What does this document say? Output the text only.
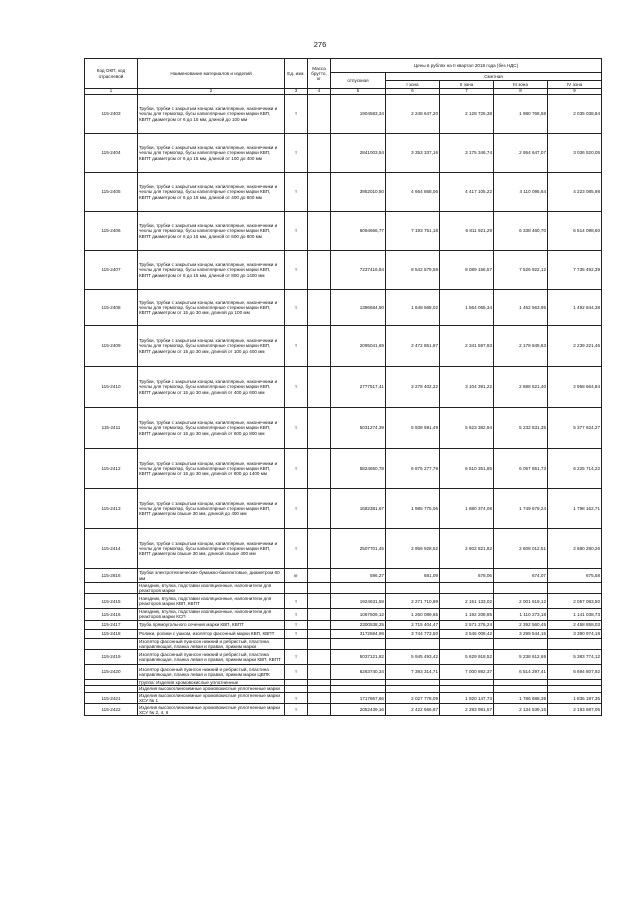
276
Код ОКП, код отраслевой	Наименование материалов и изделий	Ед. изм.	Масса брутто, кг	Цены в рублях на II квартал 2018 года (без НДС)				
				отпускная	Сметная			
					I зона	II зона	III зона	IV зона
1	2	3	4	5	6	7	8	9
115-2403	Трубки, трубки с закрытым концом, капиллярные, наконечники и чехлы для термопар, бусы капиллярные стержни марки КВП, КВПТ диаметром от 6 до 15 мм, длиной до 100 мм	т		1904583,34	2 248 647,20	2 128 725,38	1 980 768,58	2 035 038,84
115-2404	Трубки, трубки с закрытым концом, капиллярные, наконечники и чехлы для термопар, бусы капиллярные стержни марки КВП, КВПТ диаметром от 6 до 15 мм, длиной от 100 до 400 мм	т		2841003,54	3 353 337,16	3 175 346,74	2 954 647,07	3 036 520,05
115-2405	Трубки, трубки с закрытым концом, капиллярные, наконечники и чехлы для термопар, бусы капиллярные стержни марки КВП, КВПТ диаметром от 6 до 15 мм, длиной от 400 до 600 мм	т		3952010,50	4 664 868,06	4 417 105,22	4 110 095,64	4 223 085,98
115-2406	Трубки, трубки с закрытым концом, капиллярные, наконечники и чехлы для термопар, бусы капиллярные стержни марки КВП, КВПТ диаметром от 6 до 15 мм, длиной от 600 до 800 мм	т		6094666,77	7 193 751,18	6 811 921,29	6 338 460,70	6 514 098,60
115-2407	Трубки, трубки с закрытым концом, капиллярные, наконечники и чехлы для термопар, бусы капиллярные стержни марки КВП, КВПТ диаметром от 6 до 15 мм, длиной от 800 до 1400 мм	т		7237416,84	8 542 579,58	8 089 156,57	7 526 922,12	7 735 492,39
115-2408	Трубки, трубки с закрытым концом, капиллярные, наконечники и чехлы для термопар, бусы капиллярные стержни марки КВП, КВПТ диаметром от 15 до 30 мм, длиной до 100 мм	т		1396684,50	1 648 568,02	1 564 065,34	1 452 563,95	1 492 844,38
115-2409	Трубки, трубки с закрытым концом, капиллярные, наконечники и чехлы для термопар, бусы капиллярные стержни марки КВП, КВПТ диаметром от 15 до 30 мм, длиной от 100 до 400 мм	т		2095041,69	2 472 851,97	2 341 597,93	2 178 845,63	2 239 221,46
115-2410	Трубки, трубки с закрытым концом, капиллярные, наконечники и чехлы для термопар, бусы капиллярные стержни марки КВП, КВПТ диаметром от 15 до 30 мм, длиной от 400 до 600 мм	т		2777517,41	3 278 402,22	3 104 391,22	2 888 621,40	2 958 664,84
115-2411	Трубки, трубки с закрытым концом, капиллярные, наконечники и чехлы для термопар, бусы капиллярные стержни марки КВП, КВПТ диаметром от 15 до 30 мм, длиной от 600 до 800 мм	т		5031274,39	5 938 591,49	5 623 382,94	5 232 531,35	5 377 624,27
115-2412	Трубки, трубки с закрытым концом, капиллярные, наконечники и чехлы для термопар, бусы капиллярные стержни марки КВП, КВПТ диаметром от 15 до 30 мм, длиной от 800 до 1400 мм	т		5824650,78	6 875 277,79	6 510 351,85	6 057 851,73	6 225 714,22
115-2413	Трубки, трубки с закрытым концом, капиллярные, наконечники и чехлы для термопар, бусы капиллярные стержни марки КВП, КВПТ диаметром свыше 30 мм, длиной до 400 мм	т		1682381,67	1 985 775,06	1 880 374,08	1 749 679,24	1 798 162,71
115-2414	Трубки, трубки с закрытым концом, капиллярные, наконечники и чехлы для термопар, бусы капиллярные стержни марки КВП, КВПТ диаметром свыше 30 мм, длиной свыше 400 мм	т		2507701,45	2 959 928,52	2 802 821,82	2 608 012,51	2 680 280,26
115-2816	Трубки электротехнические бумажно-бакелитовые, диаметром 60 мм	кг		596,27	681,09	678,06	674,07	675,58
	Наездник, втулка, подставки изоляционные, наполнители для реакторов марки							
115-2415	Наездник, втулка, подставки изоляционные, наполнители для реакторов марки КВП, КВПТ	т		1924631,59	2 271 710,89	2 151 133,02	2 001 619,12	2 057 083,50
115-2416	Наездник, втулка, подставки изоляционные, наполнители для реакторов марки КСП	т		1067509,12	1 260 089,65	1 192 208,85	1 110 273,18	1 141 038,73
115-2417	Труба прямоугольного сечения марки КВП, КВПТ	т		2300538,25	2 715 404,47	2 571 276,24	2 392 560,45	2 458 858,03
115-2418	Ролики, ролики с ушком, изолятор фасонный марки КВП, КВПТ	т		3172684,98	3 744 773,50	3 546 008,42	3 299 544,15	3 390 974,18
	Изолятор фасонный пуансон нижний и ребристый, пластина направляющая, планка левая и правая, прижим марки							
115-2419	Изолятор фасонный пуансон нижний и ребристый, пластина направляющая, планка левая и правая, прижим марки КВП, КВПТ	т		5037121,82	5 945 493,42	5 629 918,52	5 238 612,69	5 383 774,12
115-2420	Изолятор фасонный пуансон нижний и ребристый, пластина направляющая, планка левая и правая, прижим марки ЦВПК	т		6263740,34	7 393 314,71	7 000 892,37	6 514 297,41	6 694 807,92
	Группа: Изделия хромовокислые уплотненные							
	Изделия высокоглиноземные хромовокислые уплотненные марки							
115-2421	Изделия высокоглиноземные хромовокислые уплотненные марки ХСУ № 1	т		1717867,66	2 027 778,09	1 920 147,73	1 786 688,39	1 836 197,35
115-2422	Изделия высокоглиноземные хромовокислые уплотненные марки ХСУ № 2, 4, 6	т		2052439,16	2 422 566,67	2 293 981,57	2 134 539,15	2 193 687,05
